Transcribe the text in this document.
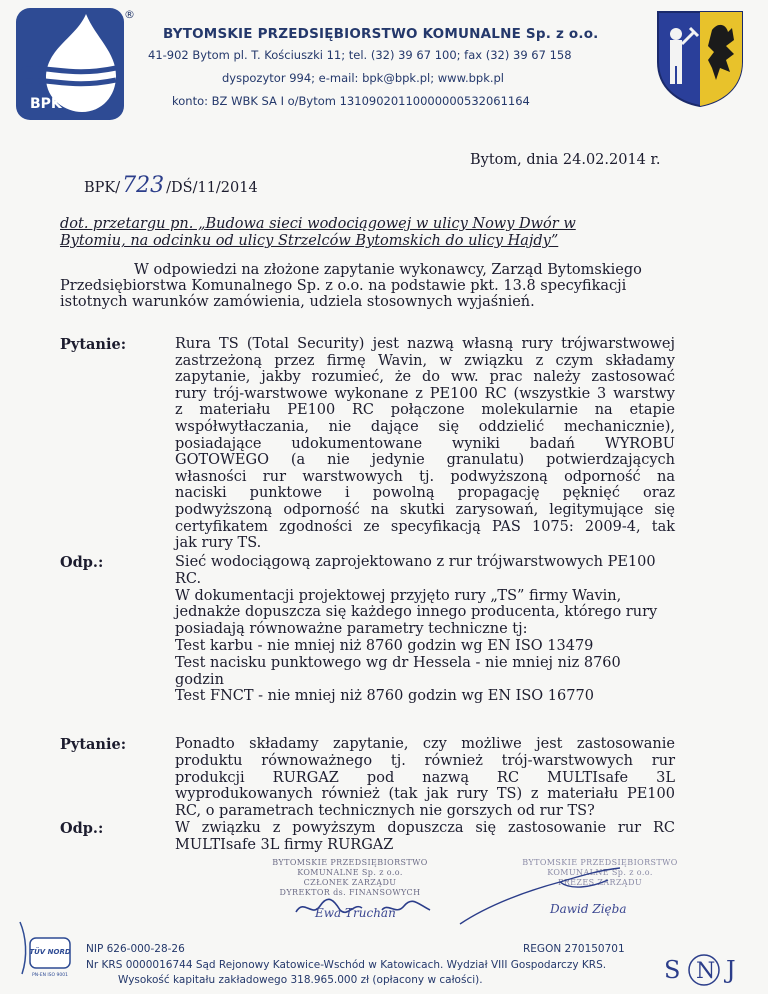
BPK
®
BYTOMSKIE PRZEDSIĘBIORSTWO KOMUNALNE Sp. z o.o.
41-902 Bytom pl. T. Kościuszki 11; tel. (32) 39 67 100; fax (32) 39 67 158
dyspozytor 994; e-mail: bpk@bpk.pl; www.bpk.pl
konto: BZ WBK SA I o/Bytom 13109020110000000532061164
Bytom, dnia 24.02.2014 r.
BPK/723 /DŚ/11/2014
dot. przetargu pn. „Budowa sieci wodociągowej w ulicy Nowy Dwór w
Bytomiu, na odcinku od ulicy Strzelców Bytomskich do ulicy Hajdy”
W odpowiedzi na złożone zapytanie wykonawcy, Zarząd Bytomskiego
Przedsiębiorstwa Komunalnego Sp. z o.o. na podstawie pkt. 13.8 specyfikacji
istotnych warunków zamówienia, udziela stosownych wyjaśnień.
Pytanie:	Rura TS (Total Security) jest nazwą własną rury trójwarstwowej
zastrzeżoną przez firmę Wavin, w związku z czym składamy
zapytanie, jakby rozumieć, że do ww. prac należy zastosować
rury trój-warstwowe wykonane z PE100 RC (wszystkie 3 warstwy
z materiału PE100 RC połączone molekularnie na etapie
współwytłaczania, nie dające się oddzielić mechanicznie),
posiadające udokumentowane wyniki badań WYROBU
GOTOWEGO (a nie jedynie granulatu) potwierdzających
własności rur warstwowych tj. podwyższoną odporność na
naciski punktowe i powolną propagację pęknięć oraz
podwyższoną odporność na skutki zarysowań, legitymujące się
certyfikatem zgodności ze specyfikacją PAS 1075: 2009-4, tak
jak rury TS.
Odp.:	Sieć wodociągową zaprojektowano z rur trójwarstwowych PE100
RC.
W dokumentacji projektowej przyjęto rury „TS” firmy Wavin,
jednakże dopuszcza się każdego innego producenta, którego rury
posiadają równoważne parametry techniczne tj:
Test karbu - nie mniej niż 8760 godzin wg EN ISO 13479
Test nacisku punktowego wg dr Hessela - nie mniej niz 8760
godzin
Test FNCT - nie mniej niż 8760 godzin wg EN ISO 16770
Pytanie:	Ponadto składamy zapytanie, czy możliwe jest zastosowanie
produktu równoważnego tj. również trój-warstwowych rur
produkcji RURGAZ pod nazwą RC MULTIsafe 3L
wyprodukowanych również (tak jak rury TS) z materiału PE100
RC, o parametrach technicznych nie gorszych od rur TS?
Odp.:	W związku z powyższym dopuszcza się zastosowanie rur RC
MULTIsafe 3L firmy RURGAZ
BYTOMSKIE PRZEDSIĘBIORSTWO
KOMUNALNE Sp. z o.o.
CZŁONEK ZARZĄDU
DYREKTOR ds. FINANSOWYCH
Ewa Truchan
BYTOMSKIE PRZEDSIĘBIORSTWO
KOMUNALNE Sp. z o.o.
PREZES ZARZĄDU
Dawid Zięba
TÜV NORD
PN-EN ISO 9001
NIP 626-000-28-26	REGON 270150701
Nr KRS 0000016744 Sąd Rejonowy Katowice-Wschód w Katowicach. Wydział VIII Gospodarczy KRS.
Wysokość kapitału zakładowego 318.965.000 zł (opłacony w całości).	S N J
